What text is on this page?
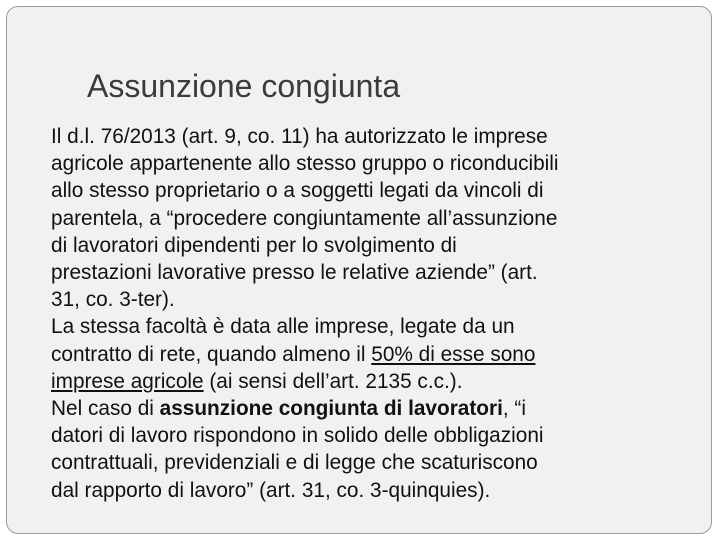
Assunzione congiunta
Il d.l. 76/2013 (art. 9, co. 11) ha autorizzato le imprese
agricole appartenente allo stesso gruppo o riconducibili
allo stesso proprietario o a soggetti legati da vincoli di
parentela, a “procedere congiuntamente all’assunzione
di lavoratori dipendenti per lo svolgimento di
prestazioni lavorative presso le relative aziende” (art.
31, co. 3-ter).
La stessa facoltà è data alle imprese, legate da un
contratto di rete, quando almeno il 50% di esse sono
imprese agricole (ai sensi dell’art. 2135 c.c.).
Nel caso di assunzione congiunta di lavoratori, “i
datori di lavoro rispondono in solido delle obbligazioni
contrattuali, previdenziali e di legge che scaturiscono
dal rapporto di lavoro” (art. 31, co. 3-quinquies).
